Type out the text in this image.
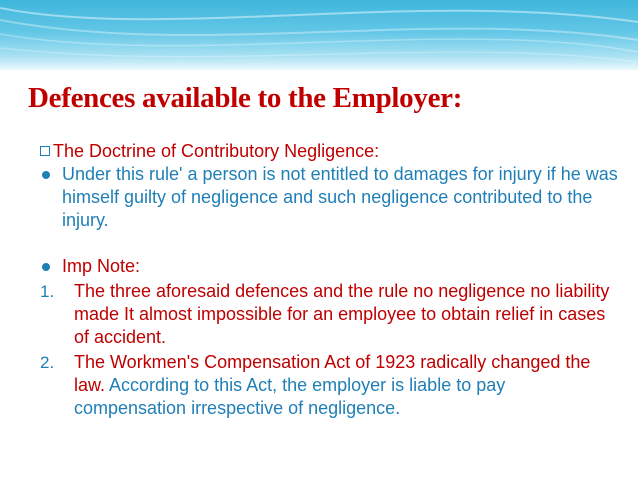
Defences available to the Employer:
The Doctrine of Contributory Negligence:
Under this rule' a person is not entitled to damages for injury if he was himself guilty of negligence and such negligence contributed to the injury.
Imp Note:
1. The three aforesaid defences and the rule no negligence no liability made It almost impossible for an employee to obtain relief in cases of accident.
2. The Workmen's Compensation Act of 1923 radically changed the law. According to this Act, the employer is liable to pay compensation irrespective of negligence.
